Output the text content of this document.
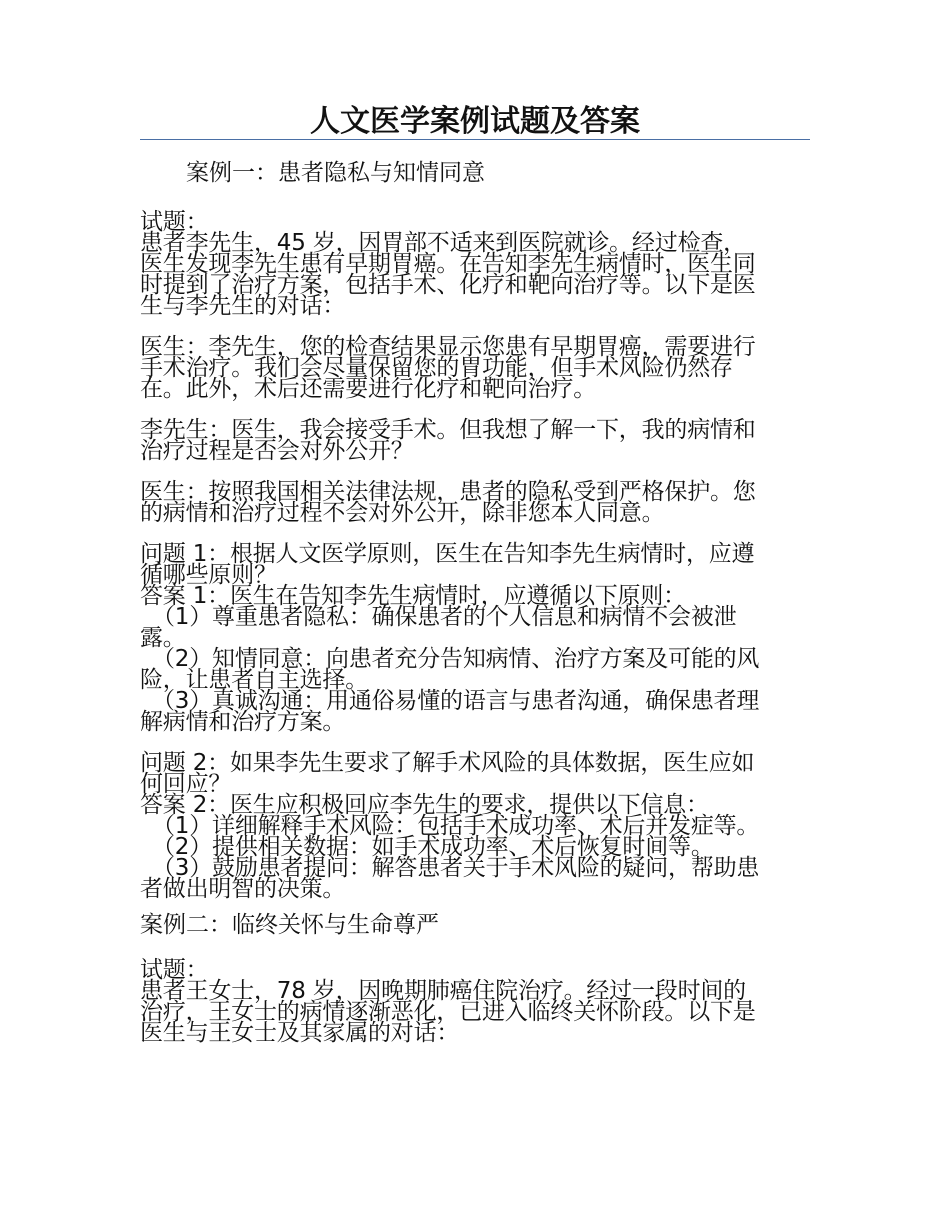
人文医学案例试题及答案
案例一：患者隐私与知情同意
试题：
患者李先生，45 岁，因胃部不适来到医院就诊。经过检查，
医生发现李先生患有早期胃癌。在告知李先生病情时，医生同
时提到了治疗方案，包括手术、化疗和靶向治疗等。以下是医
生与李先生的对话：
医生：李先生，您的检查结果显示您患有早期胃癌，需要进行
手术治疗。我们会尽量保留您的胃功能，但手术风险仍然存
在。此外，术后还需要进行化疗和靶向治疗。
李先生：医生，我会接受手术。但我想了解一下，我的病情和
治疗过程是否会对外公开？
医生：按照我国相关法律法规，患者的隐私受到严格保护。您
的病情和治疗过程不会对外公开，除非您本人同意。
问题 1：根据人文医学原则，医生在告知李先生病情时，应遵
循哪些原则？
答案 1：医生在告知李先生病情时，应遵循以下原则：
（1）尊重患者隐私：确保患者的个人信息和病情不会被泄
露。
（2）知情同意：向患者充分告知病情、治疗方案及可能的风
险，让患者自主选择。
（3）真诚沟通：用通俗易懂的语言与患者沟通，确保患者理
解病情和治疗方案。
问题 2：如果李先生要求了解手术风险的具体数据，医生应如
何回应？
答案 2：医生应积极回应李先生的要求，提供以下信息：
（1）详细解释手术风险：包括手术成功率、术后并发症等。
（2）提供相关数据：如手术成功率、术后恢复时间等。
（3）鼓励患者提问：解答患者关于手术风险的疑问，帮助患
者做出明智的决策。
案例二：临终关怀与生命尊严
试题：
患者王女士，78 岁，因晚期肺癌住院治疗。经过一段时间的
治疗，王女士的病情逐渐恶化，已进入临终关怀阶段。以下是
医生与王女士及其家属的对话：
